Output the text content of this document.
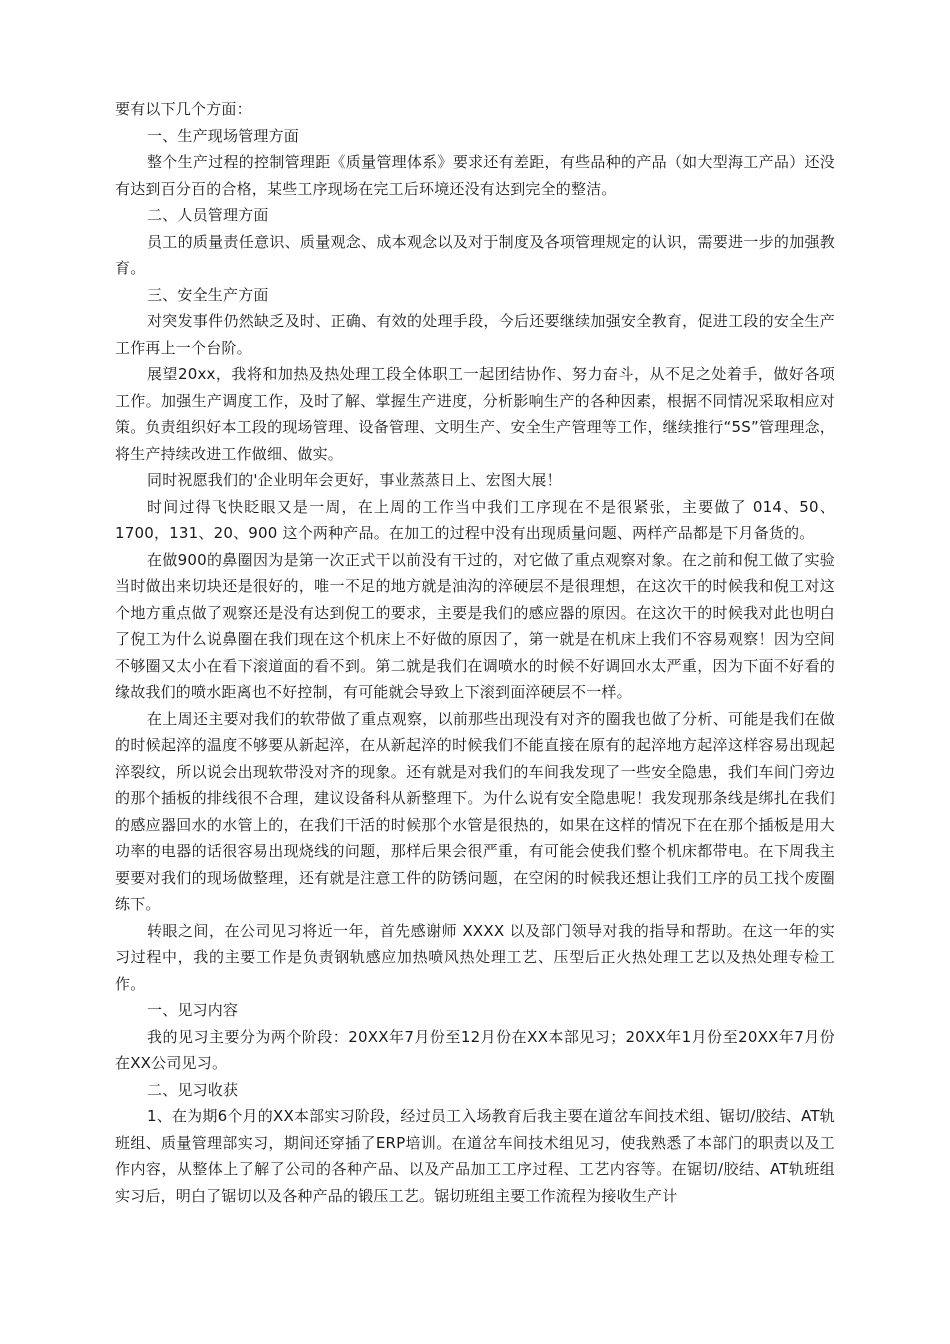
要有以下几个方面：

一、生产现场管理方面

整个生产过程的控制管理距《质量管理体系》要求还有差距，有些品种的产品（如大型海工产品）还没有达到百分百的合格，某些工序现场在完工后环境还没有达到完全的整洁。

二、人员管理方面

员工的质量责任意识、质量观念、成本观念以及对于制度及各项管理规定的认识，需要进一步的加强教育。

三、安全生产方面

对突发事件仍然缺乏及时、正确、有效的处理手段，今后还要继续加强安全教育，促进工段的安全生产工作再上一个台阶。

展望20xx，我将和加热及热处理工段全体职工一起团结协作、努力奋斗，从不足之处着手，做好各项工作。加强生产调度工作，及时了解、掌握生产进度，分析影响生产的各种因素，根据不同情况采取相应对策。负责组织好本工段的现场管理、设备管理、文明生产、安全生产管理等工作，继续推行“5S”管理理念，将生产持续改进工作做细、做实。

同时祝愿我们的'企业明年会更好，事业蒸蒸日上、宏图大展！

时间过得飞快眨眼又是一周，在上周的工作当中我们工序现在不是很紧张，主要做了 014、50、1700，131、20、900 这个两种产品。在加工的过程中没有出现质量问题、两样产品都是下月备货的。

在做900的鼻圈因为是第一次正式干以前没有干过的，对它做了重点观察对象。在之前和倪工做了实验当时做出来切块还是很好的，唯一不足的地方就是油沟的淬硬层不是很理想，在这次干的时候我和倪工对这个地方重点做了观察还是没有达到倪工的要求，主要是我们的感应器的原因。在这次干的时候我对此也明白了倪工为什么说鼻圈在我们现在这个机床上不好做的原因了，第一就是在机床上我们不容易观察！因为空间不够圈又太小在看下滚道面的看不到。第二就是我们在调喷水的时候不好调回水太严重，因为下面不好看的缘故我们的喷水距离也不好控制，有可能就会导致上下滚到面淬硬层不一样。

在上周还主要对我们的软带做了重点观察，以前那些出现没有对齐的圈我也做了分析、可能是我们在做的时候起淬的温度不够要从新起淬，在从新起淬的时候我们不能直接在原有的起淬地方起淬这样容易出现起淬裂纹，所以说会出现软带没对齐的现象。还有就是对我们的车间我发现了一些安全隐患，我们车间门旁边的那个插板的排线很不合理，建议设备科从新整理下。为什么说有安全隐患呢！我发现那条线是绑扎在我们的感应器回水的水管上的，在我们干活的时候那个水管是很热的，如果在这样的情况下在在那个插板是用大功率的电器的话很容易出现烧线的问题，那样后果会很严重，有可能会使我们整个机床都带电。在下周我主要要对我们的现场做整理，还有就是注意工件的防锈问题，在空闲的时候我还想让我们工序的员工找个废圈练下。

转眼之间，在公司见习将近一年，首先感谢师 XXXX 以及部门领导对我的指导和帮助。在这一年的实习过程中，我的主要工作是负责钢轨感应加热喷风热处理工艺、压型后正火热处理工艺以及热处理专检工作。

一、见习内容

我的见习主要分为两个阶段：20XX年7月份至12月份在XX本部见习；20XX年1月份至20XX年7月份在XX公司见习。

二、见习收获

1、在为期6个月的XX本部实习阶段，经过员工入场教育后我主要在道岔车间技术组、锯切/胶结、AT轨班组、质量管理部实习，期间还穿插了ERP培训。在道岔车间技术组见习，使我熟悉了本部门的职责以及工作内容，从整体上了解了公司的各种产品、以及产品加工工序过程、工艺内容等。在锯切/胶结、AT轨班组实习后，明白了锯切以及各种产品的锻压工艺。锯切班组主要工作流程为接收生产计
